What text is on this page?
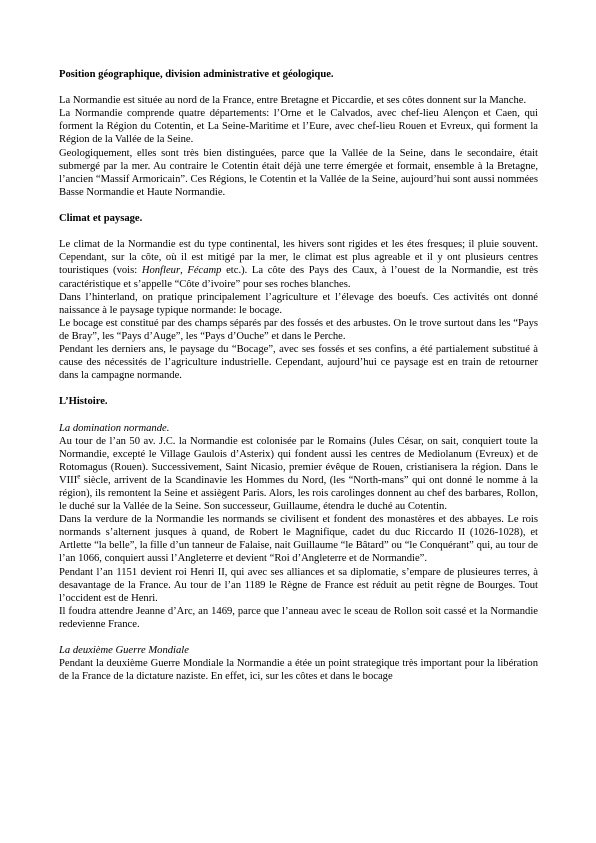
Position géographique, division administrative et géologique.

La Normandie est située au nord de la France, entre Bretagne et Piccardie, et ses côtes donnent sur la Manche.

La Normandie comprende quatre départements: l’Orne et le Calvados, avec chef-lieu Alençon et Caen, qui forment la Région du Cotentin, et La Seine-Maritime et l’Eure, avec chef-lieu Rouen et Evreux, qui forment la Région de la Vallée de la Seine.

Geologiquement, elles sont très bien distinguées, parce que la Vallée de la Seine, dans le secondaire, était submergé par la mer. Au contraire le Cotentin était déjà une terre émergée et formait, ensemble à la Bretagne, l’ancien “Massif Armoricain”. Ces Régions, le Cotentin et la Vallée de la Seine, aujourd’hui sont aussi nommées Basse Normandie et Haute Normandie.

Climat et paysage.

Le climat de la Normandie est du type continental, les hivers sont rigides et les étes fresques; il pluie souvent. Cependant, sur la côte, où il est mitigé par la mer, le climat est plus agreable et il y ont plusieurs centres touristiques (vois: Honfleur, Fécamp etc.). La côte des Pays des Caux, à l’ouest de la Normandie, est très caractéristique et s’appelle “Côte d’ivoire” pour ses roches blanches.

Dans l’hinterland, on pratique principalement l’agriculture et l’élevage des boeufs. Ces activités ont donné naissance à le paysage typique normande: le bocage.

Le bocage est constitué par des champs séparés par des fossés et des arbustes. On le trove surtout dans les “Pays de Bray”, les “Pays d’Auge”, les “Pays d’Ouche” et dans le Perche.

Pendant les derniers ans, le paysage du “Bocage”, avec ses fossés et ses confins, a été partialement substitué à cause des nécessités de l’agriculture industrielle. Cependant, aujourd’hui ce paysage est en train de retourner dans la campagne normande.

L’Histoire.

La domination normande.

Au tour de l’an 50 av. J.C. la Normandie est colonisée par le Romains (Jules César, on sait, conquiert toute la Normandie, excepté le Village Gaulois d’Asterix) qui fondent aussi les centres de Mediolanum (Evreux) et de Rotomagus (Rouen). Successivement, Saint Nicasio, premier évêque de Rouen, cristianisera la région. Dans le VIIIe siècle, arrivent de la Scandinavie les Hommes du Nord, (les “North-mans” qui ont donné le nomme à la région), ils remontent la Seine et assiègent Paris. Alors, les rois carolinges donnent au chef des barbares, Rollon, le duché sur la Vallée de la Seine. Son successeur, Guillaume, étendra le duché au Cotentin.

Dans la verdure de la Normandie les normands se civilisent et fondent des monastères et des abbayes. Le rois normands s’alternent jusques à quand, de Robert le Magnifique, cadet du duc Riccardo II (1026-1028), et Artlette “la belle”, la fille d’un tanneur de Falaise, nait Guillaume “le Bâtard” ou “le Conquérant” qui, au tour de l’an 1066, conquiert aussi l’Angleterre et devient “Roi d’Angleterre et de Normandie”.

Pendant l’an 1151 devient roi Henri II, qui avec ses alliances et sa diplomatie, s’empare de plusieures terres, à desavantage de la France. Au tour de l’an 1189 le Règne de France est réduit au petit règne de Bourges. Tout l’occident est de Henri.

Il foudra attendre Jeanne d’Arc, an 1469, parce que l’anneau avec le sceau de Rollon soit cassé et la Normandie redevienne France.

La deuxième Guerre Mondiale

Pendant la deuxième Guerre Mondiale la Normandie a étée un point strategique très important pour la libération de la France de la dictature naziste. En effet, ici, sur les côtes et dans le bocage
